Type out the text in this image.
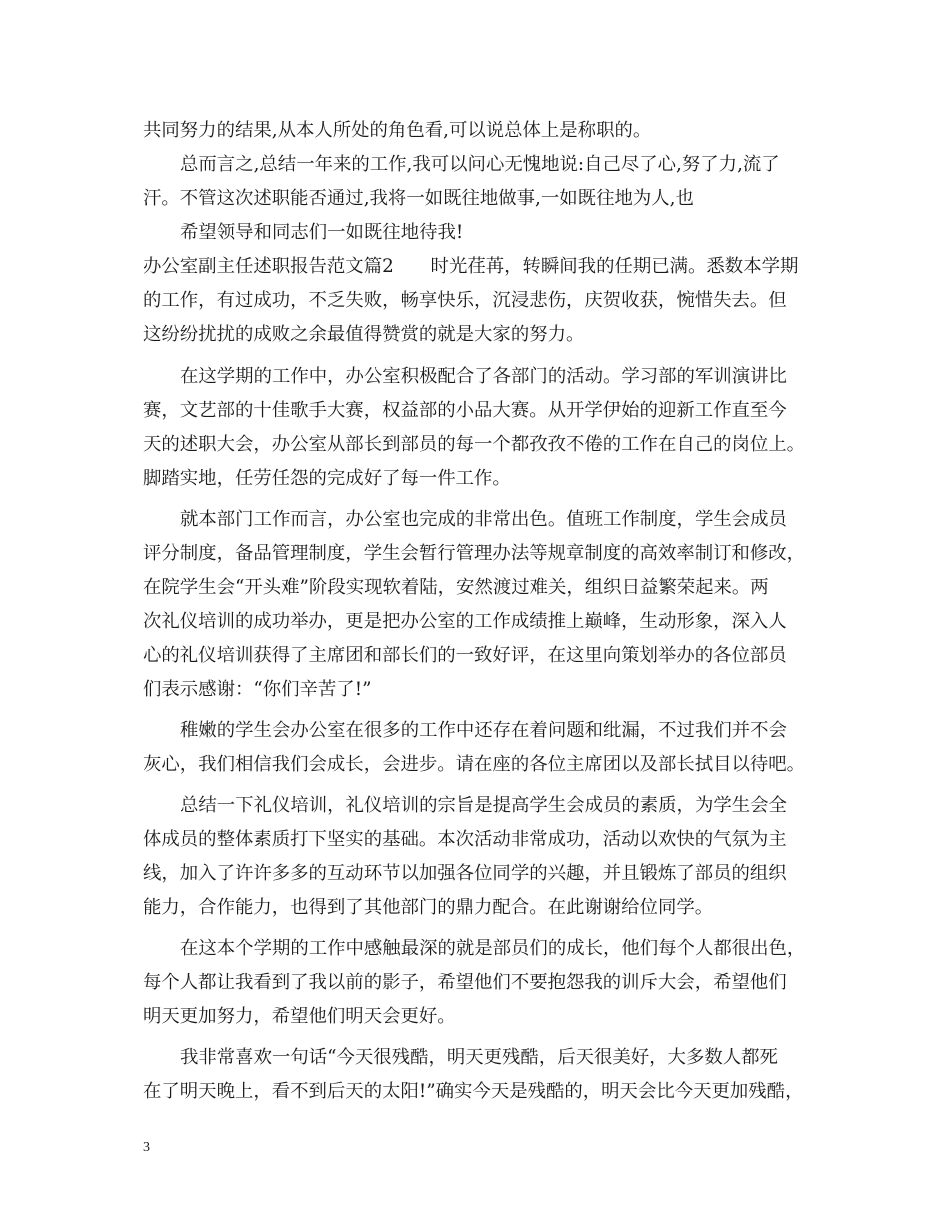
共同努力的结果,从本人所处的角色看,可以说总体上是称职的。
总而言之,总结一年来的工作,我可以问心无愧地说:自己尽了心,努了力,流了
汗。不管这次述职能否通过,我将一如既往地做事,一如既往地为人,也
希望领导和同志们一如既往地待我!
办公室副主任述职报告范文篇2　　时光荏苒，转瞬间我的任期已满。悉数本学期
的工作，有过成功，不乏失败，畅享快乐，沉浸悲伤，庆贺收获，惋惜失去。但
这纷纷扰扰的成败之余最值得赞赏的就是大家的努力。
在这学期的工作中，办公室积极配合了各部门的活动。学习部的军训演讲比
赛，文艺部的十佳歌手大赛，权益部的小品大赛。从开学伊始的迎新工作直至今
天的述职大会，办公室从部长到部员的每一个都孜孜不倦的工作在自己的岗位上。
脚踏实地，任劳任怨的完成好了每一件工作。
就本部门工作而言，办公室也完成的非常出色。值班工作制度，学生会成员
评分制度，备品管理制度，学生会暂行管理办法等规章制度的高效率制订和修改，
在院学生会“开头难”阶段实现软着陆，安然渡过难关，组织日益繁荣起来。两
次礼仪培训的成功举办，更是把办公室的工作成绩推上巅峰，生动形象，深入人
心的礼仪培训获得了主席团和部长们的一致好评，在这里向策划举办的各位部员
们表示感谢：“你们辛苦了!”
稚嫩的学生会办公室在很多的工作中还存在着问题和纰漏，不过我们并不会
灰心，我们相信我们会成长，会进步。请在座的各位主席团以及部长拭目以待吧。
总结一下礼仪培训，礼仪培训的宗旨是提高学生会成员的素质，为学生会全
体成员的整体素质打下坚实的基础。本次活动非常成功，活动以欢快的气氛为主
线，加入了许许多多的互动环节以加强各位同学的兴趣，并且锻炼了部员的组织
能力，合作能力，也得到了其他部门的鼎力配合。在此谢谢给位同学。
在这本个学期的工作中感触最深的就是部员们的成长，他们每个人都很出色，
每个人都让我看到了我以前的影子，希望他们不要抱怨我的训斥大会，希望他们
明天更加努力，希望他们明天会更好。
我非常喜欢一句话“今天很残酷，明天更残酷，后天很美好，大多数人都死
在了明天晚上，看不到后天的太阳!”确实今天是残酷的，明天会比今天更加残酷，
3
